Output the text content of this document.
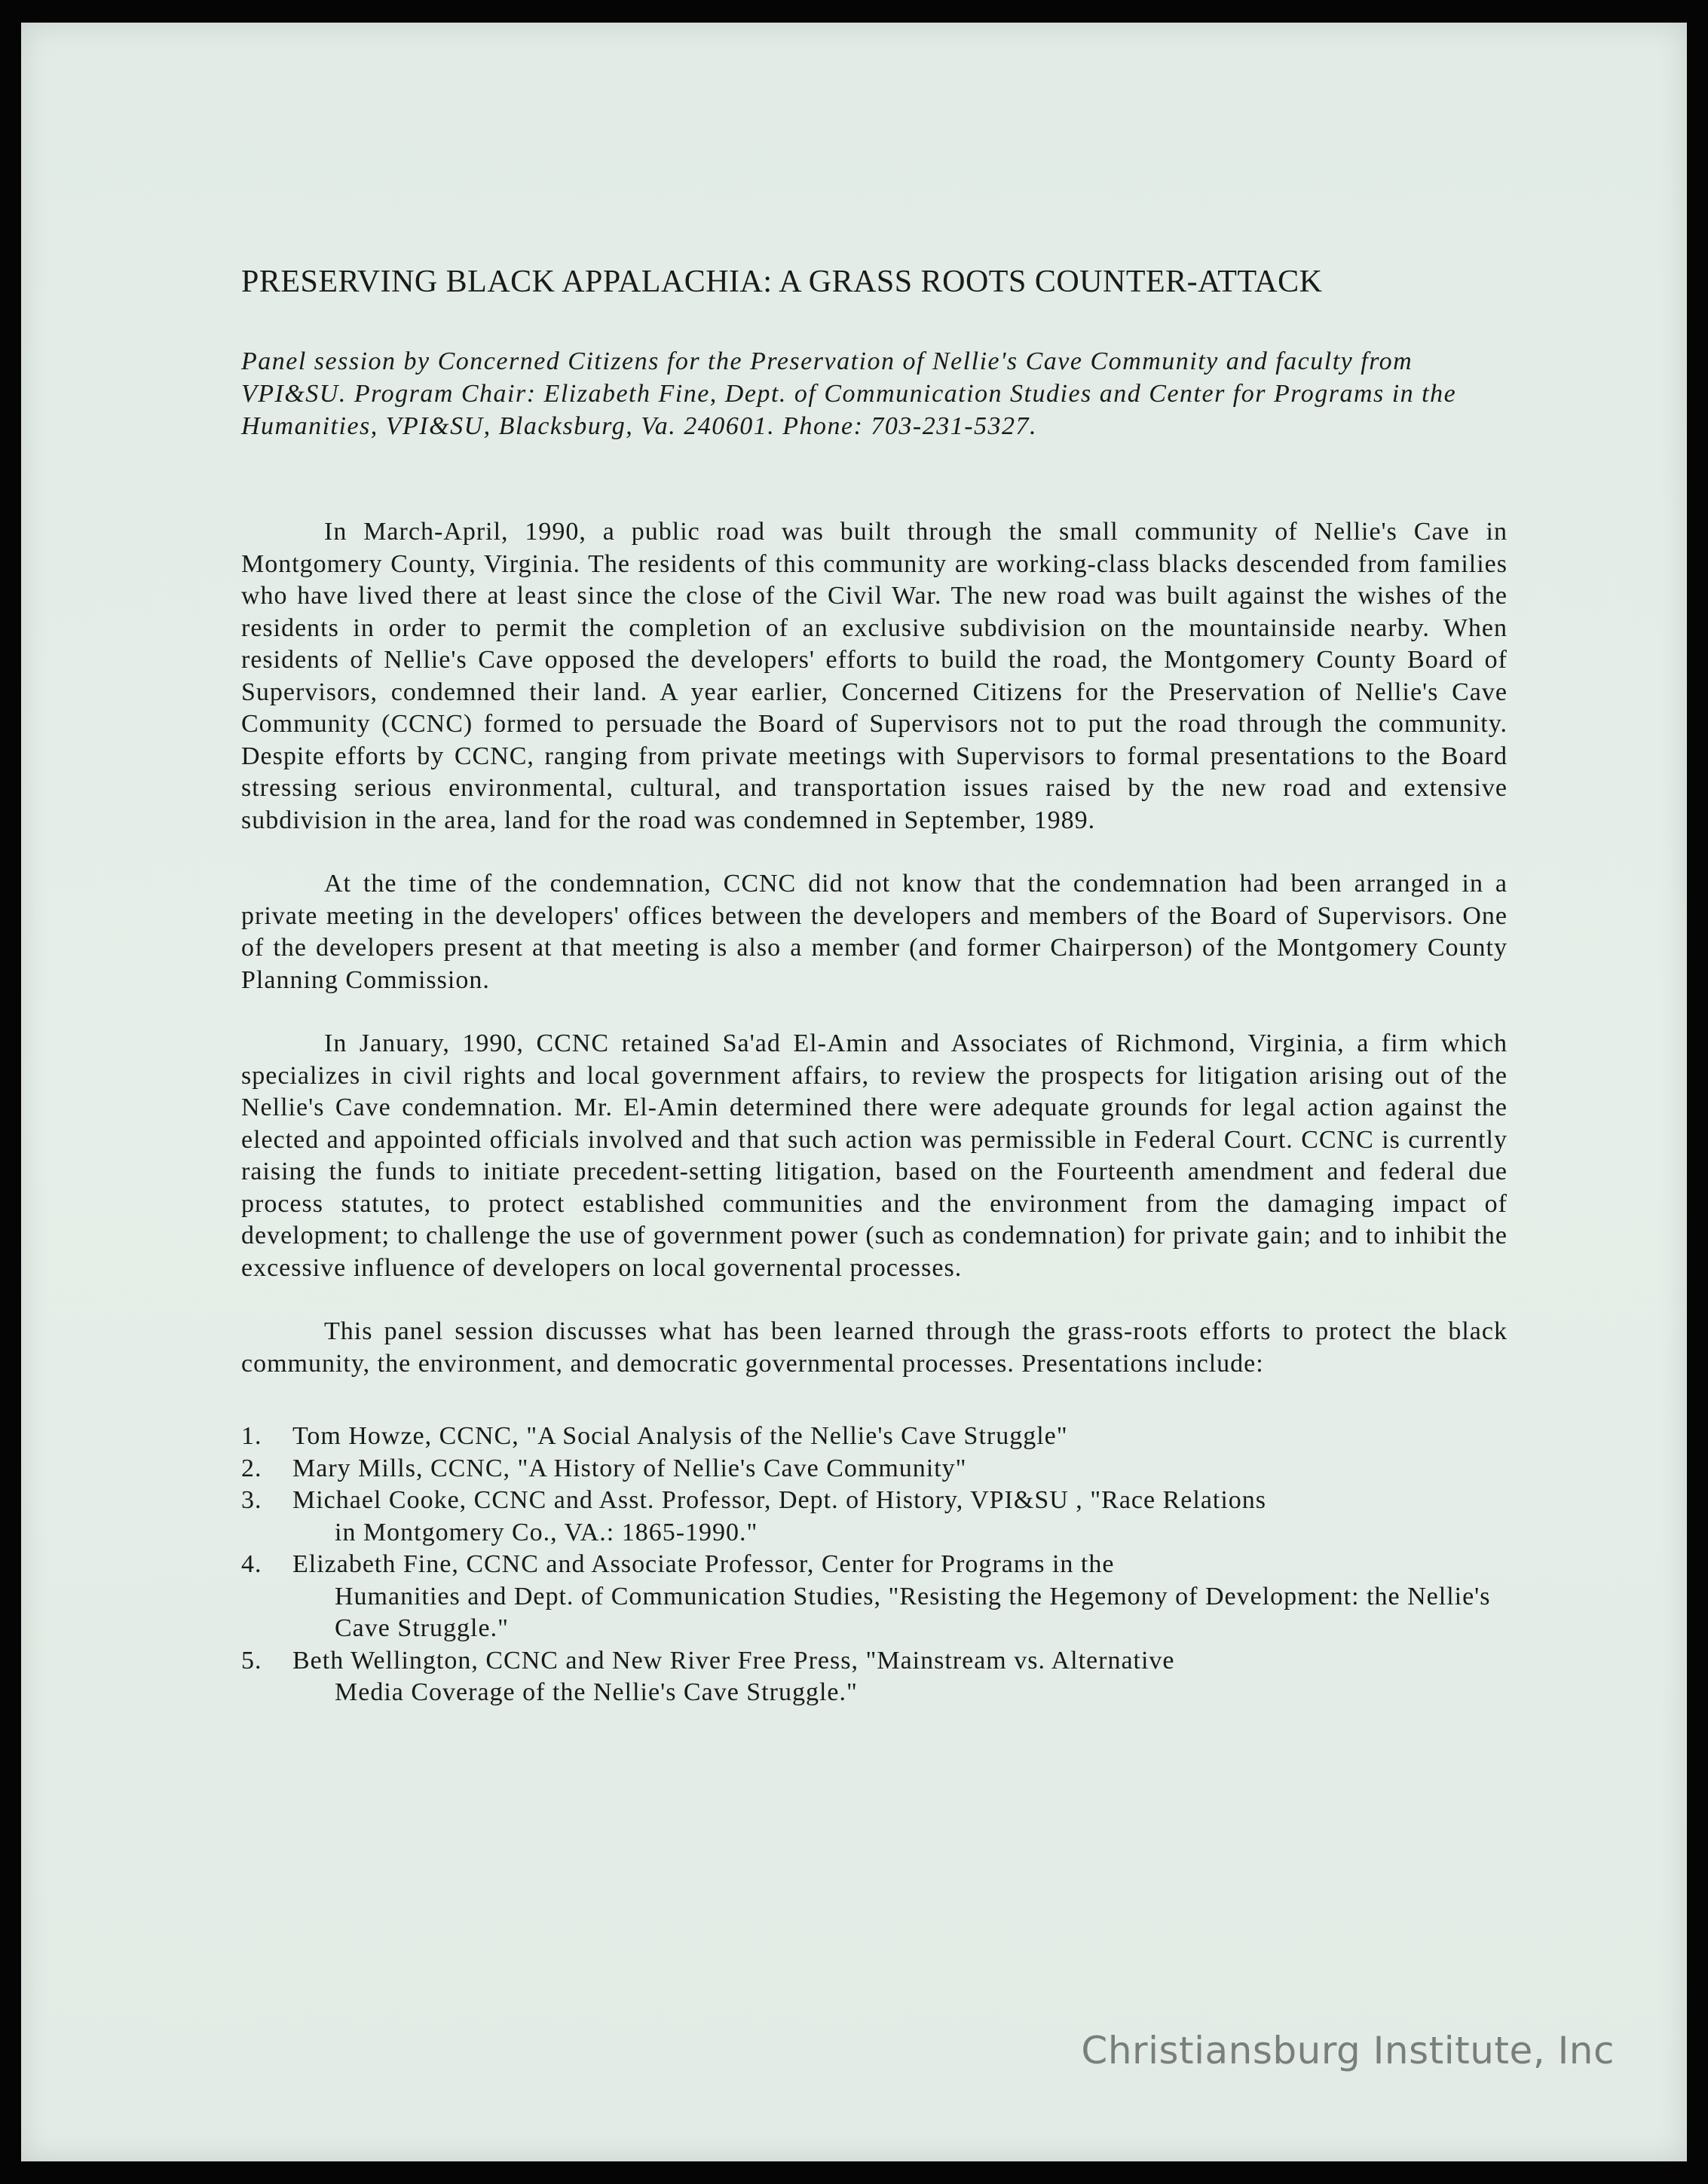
PRESERVING BLACK APPALACHIA: A GRASS ROOTS COUNTER-ATTACK

Panel session by Concerned Citizens for the Preservation of Nellie's Cave Community and faculty from VPI&SU. Program Chair: Elizabeth Fine, Dept. of Communication Studies and Center for Programs in the Humanities, VPI&SU, Blacksburg, Va. 240601. Phone: 703-231-5327.

In March-April, 1990, a public road was built through the small community of Nellie's Cave in Montgomery County, Virginia. The residents of this community are working-class blacks descended from families who have lived there at least since the close of the Civil War. The new road was built against the wishes of the residents in order to permit the completion of an exclusive subdivision on the mountainside nearby. When residents of Nellie's Cave opposed the developers' efforts to build the road, the Montgomery County Board of Supervisors, condemned their land. A year earlier, Concerned Citizens for the Preservation of Nellie's Cave Community (CCNC) formed to persuade the Board of Supervisors not to put the road through the community. Despite efforts by CCNC, ranging from private meetings with Supervisors to formal presentations to the Board stressing serious environmental, cultural, and transportation issues raised by the new road and extensive subdivision in the area, land for the road was condemned in September, 1989.

At the time of the condemnation, CCNC did not know that the condemnation had been arranged in a private meeting in the developers' offices between the developers and members of the Board of Supervisors. One of the developers present at that meeting is also a member (and former Chairperson) of the Montgomery County Planning Commission.

In January, 1990, CCNC retained Sa'ad El-Amin and Associates of Richmond, Virginia, a firm which specializes in civil rights and local government affairs, to review the prospects for litigation arising out of the Nellie's Cave condemnation. Mr. El-Amin determined there were adequate grounds for legal action against the elected and appointed officials involved and that such action was permissible in Federal Court. CCNC is currently raising the funds to initiate precedent-setting litigation, based on the Fourteenth amendment and federal due process statutes, to protect established communities and the environment from the damaging impact of development; to challenge the use of government power (such as condemnation) for private gain; and to inhibit the excessive influence of developers on local governental processes.

This panel session discusses what has been learned through the grass-roots efforts to protect the black community, the environment, and democratic governmental processes. Presentations include:

1.	Tom Howze, CCNC, "A Social Analysis of the Nellie's Cave Struggle"
2.	Mary Mills, CCNC, "A History of Nellie's Cave Community"
3.	Michael Cooke, CCNC and Asst. Professor, Dept. of History, VPI&SU , "Race Relations
in Montgomery Co., VA.: 1865-1990."
4.	Elizabeth Fine, CCNC and Associate Professor, Center for Programs in the
Humanities and Dept. of Communication Studies, "Resisting the Hegemony of Development: the Nellie's Cave Struggle."
5.	Beth Wellington, CCNC and New River Free Press, "Mainstream vs. Alternative
Media Coverage of the Nellie's Cave Struggle."
Christiansburg Institute, Inc
